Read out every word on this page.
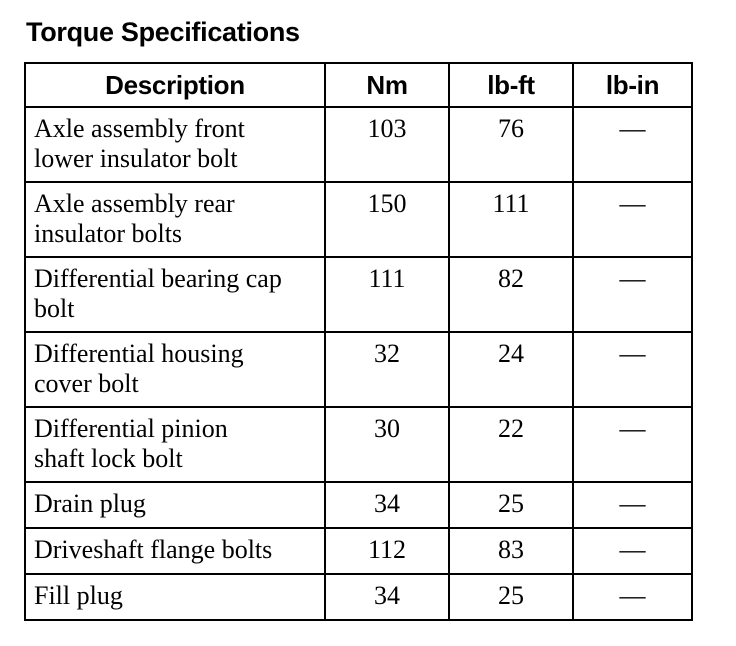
Torque Specifications
Description	Nm	lb-ft	lb-in

Axle assembly front
lower insulator bolt	103	76	—

Axle assembly rear
insulator bolts	150	111	—

Differential bearing cap
bolt	111	82	—

Differential housing
cover bolt	32	24	—

Differential pinion
shaft lock bolt	30	22	—

Drain plug	34	25	—

Driveshaft flange bolts	112	83	—

Fill plug	34	25	—
